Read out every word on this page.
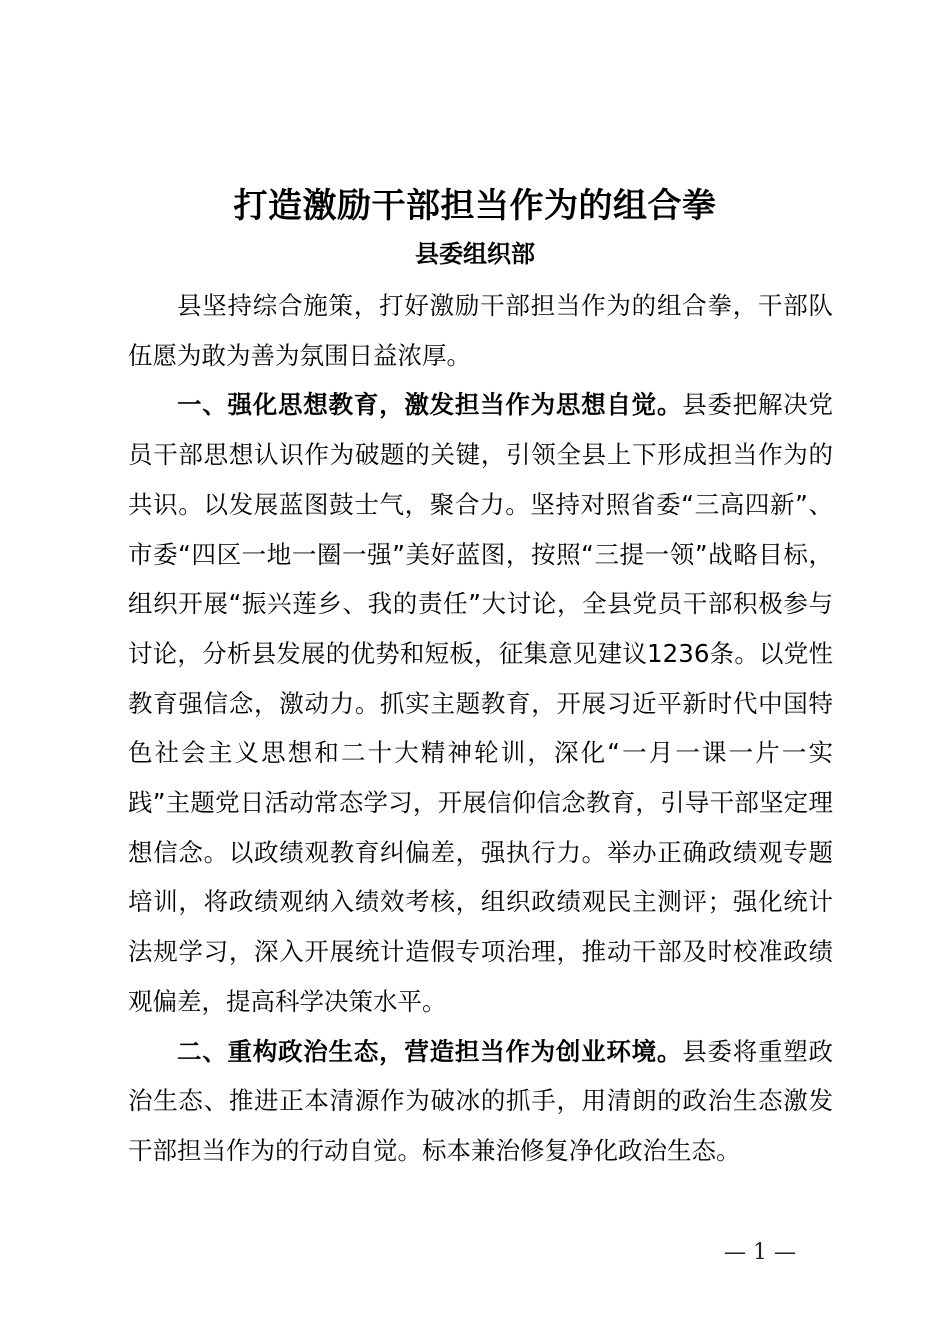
打造激励干部担当作为的组合拳
县委组织部

县坚持综合施策，打好激励干部担当作为的组合拳，干部队伍愿为敢为善为氛围日益浓厚。

一、强化思想教育，激发担当作为思想自觉。县委把解决党员干部思想认识作为破题的关键，引领全县上下形成担当作为的共识。以发展蓝图鼓士气，聚合力。坚持对照省委“三高四新”、市委“四区一地一圈一强”美好蓝图，按照“三提一领”战略目标，组织开展“振兴莲乡、我的责任”大讨论，全县党员干部积极参与讨论，分析县发展的优势和短板，征集意见建议1236条。以党性教育强信念，激动力。抓实主题教育，开展习近平新时代中国特色社会主义思想和二十大精神轮训，深化“一月一课一片一实践”主题党日活动常态学习，开展信仰信念教育，引导干部坚定理想信念。以政绩观教育纠偏差，强执行力。举办正确政绩观专题培训，将政绩观纳入绩效考核，组织政绩观民主测评；强化统计法规学习，深入开展统计造假专项治理，推动干部及时校准政绩观偏差，提高科学决策水平。

二、重构政治生态，营造担当作为创业环境。县委将重塑政治生态、推进正本清源作为破冰的抓手，用清朗的政治生态激发干部担当作为的行动自觉。标本兼治修复净化政治生态。

— 1 —
